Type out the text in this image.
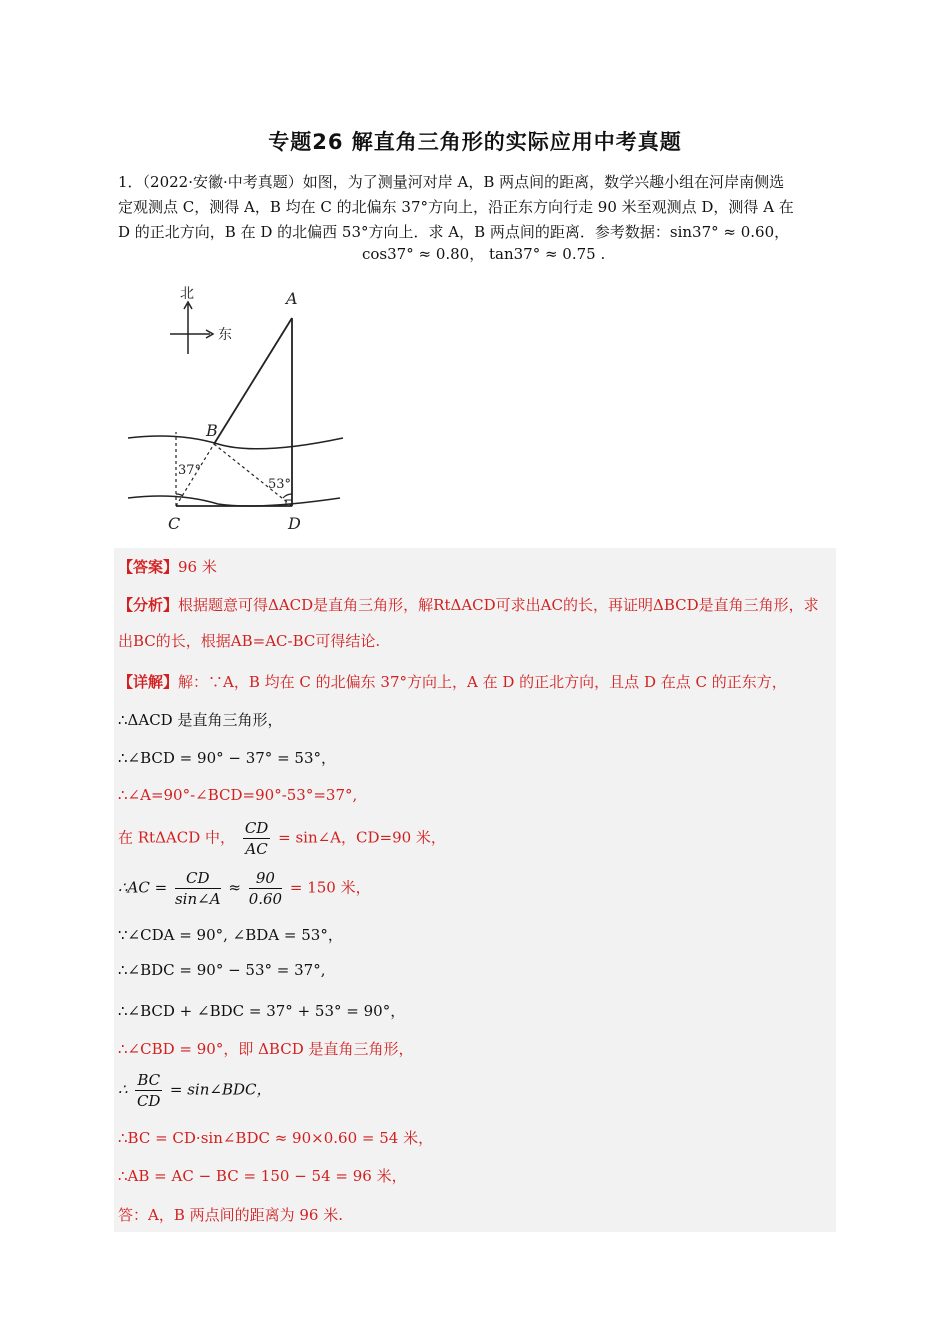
专题26 解直角三角形的实际应用中考真题
1．（2022·安徽·中考真题）如图，为了测量河对岸 A，B 两点间的距离，数学兴趣小组在河岸南侧选
定观测点 C，测得 A，B 均在 C 的北偏东 37°方向上，沿正东方向行走 90 米至观测点 D，测得 A 在
D 的正北方向，B 在 D 的北偏西 53°方向上．求 A，B 两点间的距离．参考数据：sin37° ≈ 0.60，
cos37° ≈ 0.80， tan37° ≈ 0.75 .
北
东
A
B
C	D
37°
53°
【答案】96 米
【分析】根据题意可得ΔACD是直角三角形，解RtΔACD可求出AC的长，再证明ΔBCD是直角三角形，求出BC的长，根据AB=AC-BC可得结论.
【详解】解：∵A，B 均在 C 的北偏东 37°方向上，A 在 D 的正北方向，且点 D 在点 C 的正东方，
∴ΔACD 是直角三角形，
∴∠BCD = 90° − 37° = 53°，
∴∠A=90°-∠BCD=90°-53°=37°,
在 RtΔACD 中， $\frac{CD}{AC}$ = sin∠A，CD=90 米，
∴AC = $\frac{CD}{\sin\angle A} \approx \frac{90}{0.60} = 150$ 米，
∵∠CDA = 90°, ∠BDA = 53°，
∴∠BDC = 90° − 53° = 37°,
∴∠BCD + ∠BDC = 37° + 53° = 90°，
∴∠CBD = 90°，即 ΔBCD 是直角三角形，
∴ $\frac{BC}{CD}$ = sin∠BDC，
∴BC = CD·sin∠BDC ≈ 90×0.60 = 54 米，
∴AB = AC − BC = 150 − 54 = 96 米，
答：A，B 两点间的距离为 96 米.
